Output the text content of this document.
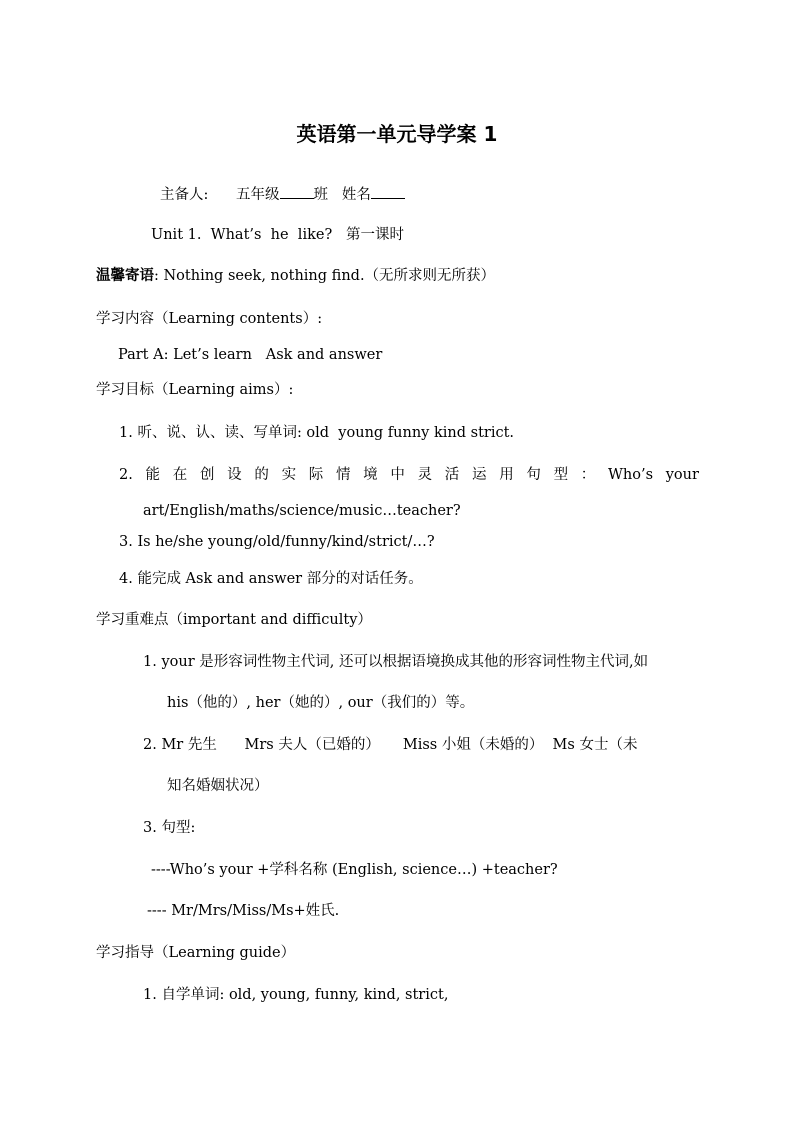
英语第一单元导学案 1
主备人: 五年级 班 姓名
Unit 1.  What’s  he  like?   第一课时
温馨寄语: Nothing seek, nothing find.（无所求则无所获）
学习内容（Learning contents）:
Part A: Let’s learn   Ask and answer
学习目标（Learning aims）:
1. 听、说、认、读、写单词: old  young funny kind strict.
2. 能 在 创 设 的 实 际 情 境 中 灵 活 运 用 句 型 ： Who’s your
art/English/maths/science/music…teacher?
3. Is he/she young/old/funny/kind/strict/…?
4. 能完成 Ask and answer 部分的对话任务。
学习重难点（important and difficulty）
1. your 是形容词性物主代词, 还可以根据语境换成其他的形容词性物主代词,如
his（他的）, her（她的）, our（我们的）等。
2. Mr 先生      Mrs 夫人（已婚的）     Miss 小姐（未婚的）  Ms 女士（未
知名婚姻状况）
3. 句型:
----Who’s your +学科名称 (English, science…) +teacher?
---- Mr/Mrs/Miss/Ms+姓氏.
学习指导（Learning guide）
1. 自学单词: old, young, funny, kind, strict,
